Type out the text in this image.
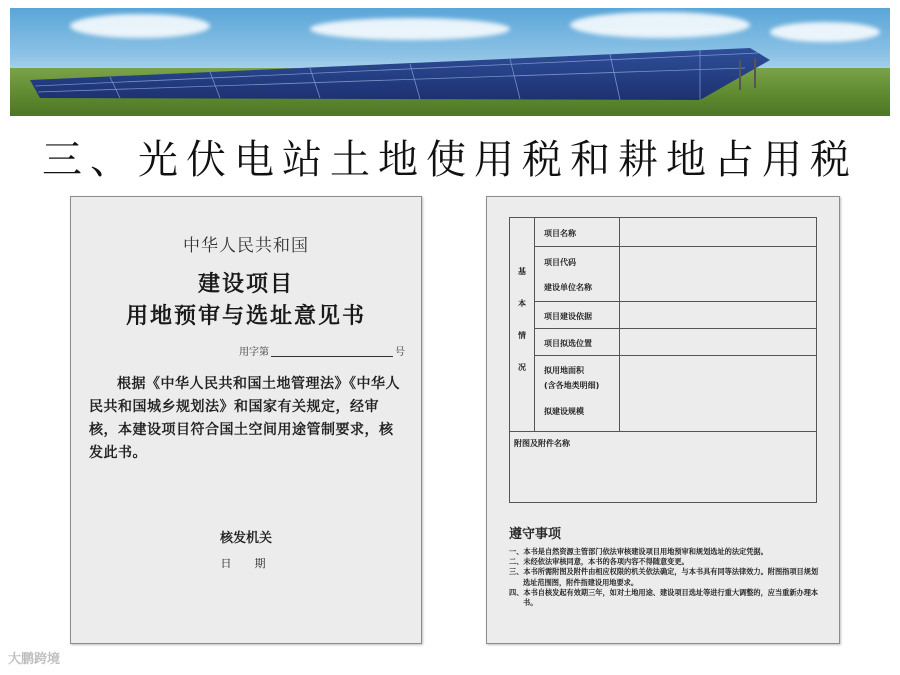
三、光伏电站土地使用税和耕地占用税
中华人民共和国
建设项目
用地预审与选址意见书
用字第	号
根据《中华人民共和国土地管理法》《中华人民共和国城乡规划法》和国家有关规定，经审核，本建设项目符合国土空间用途管制要求，核发此书。
核发机关
日　期
基
本
情
况
项目名称
项目代码
建设单位名称
项目建设依据
项目拟选位置
拟用地面积
(含各地类明细)
拟建设规模
附图及附件名称
遵守事项
一、本书是自然资源主管部门依法审核建设项目用地预审和规划选址的法定凭据。
二、未经依法审核同意，本书的各项内容不得随意变更。
三、本书所需附图及附件由相应权限的机关依法确定，与本书具有同等法律效力。附图指项目规划选址范围图，附件指建设用地要求。
四、本书自核发起有效期三年，如对土地用途、建设项目选址等进行重大调整的，应当重新办理本书。
大鹏跨境
